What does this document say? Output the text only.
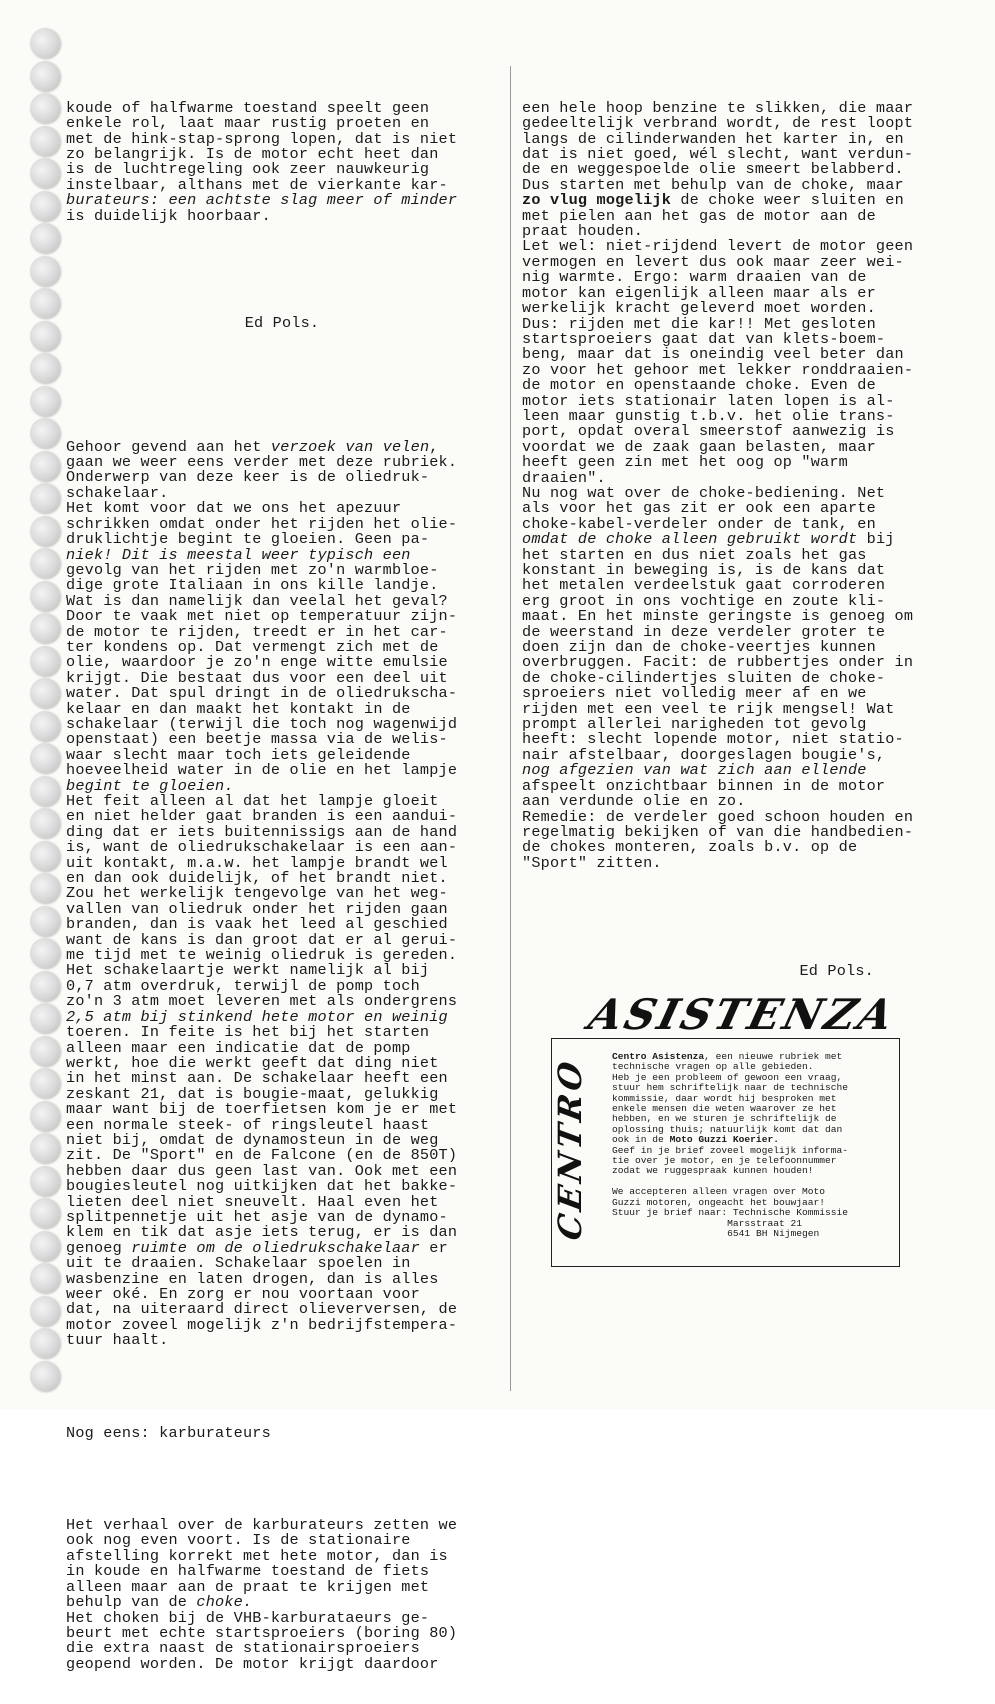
koude of halfwarme toestand speelt geen
enkele rol, laat maar rustig proeten en
met de hink-stap-sprong lopen, dat is niet
zo belangrijk. Is de motor echt heet dan
is de luchtregeling ook zeer nauwkeurig
instelbaar, althans met de vierkante kar-
burateurs: een achtste slag meer of minder
is duidelijk hoorbaar.

Ed Pols.

Gehoor gevend aan het verzoek van velen,
gaan we weer eens verder met deze rubriek.
Onderwerp van deze keer is de oliedruk-
schakelaar.
Het komt voor dat we ons het apezuur
schrikken omdat onder het rijden het olie-
druklichtje begint te gloeien. Geen pa-
niek! Dit is meestal weer typisch een
gevolg van het rijden met zo'n warmbloe-
dige grote Italiaan in ons kille landje.
Wat is dan namelijk dan veelal het geval?
Door te vaak met niet op temperatuur zijn-
de motor te rijden, treedt er in het car-
ter kondens op. Dat vermengt zich met de
olie, waardoor je zo'n enge witte emulsie
krijgt. Die bestaat dus voor een deel uit
water. Dat spul dringt in de oliedrukscha-
kelaar en dan maakt het kontakt in de
schakelaar (terwijl die toch nog wagenwijd
openstaat) een beetje massa via de welis-
waar slecht maar toch iets geleidende
hoeveelheid water in de olie en het lampje
begint te gloeien.
Het feit alleen al dat het lampje gloeit
en niet helder gaat branden is een aandui-
ding dat er iets buitennissigs aan de hand
is, want de oliedrukschakelaar is een aan-
uit kontakt, m.a.w. het lampje brandt wel
en dan ook duidelijk, of het brandt niet.
Zou het werkelijk tengevolge van het weg-
vallen van oliedruk onder het rijden gaan
branden, dan is vaak het leed al geschied
want de kans is dan groot dat er al gerui-
me tijd met te weinig oliedruk is gereden.
Het schakelaartje werkt namelijk al bij
0,7 atm overdruk, terwijl de pomp toch
zo'n 3 atm moet leveren met als ondergrens
2,5 atm bij stinkend hete motor en weinig
toeren. In feite is het bij het starten
alleen maar een indicatie dat de pomp
werkt, hoe die werkt geeft dat ding niet
in het minst aan. De schakelaar heeft een
zeskant 21, dat is bougie-maat, gelukkig
maar want bij de toerfietsen kom je er met
een normale steek- of ringsleutel haast
niet bij, omdat de dynamosteun in de weg
zit. De "Sport" en de Falcone (en de 850T)
hebben daar dus geen last van. Ook met een
bougiesleutel nog uitkijken dat het bakke-
lieten deel niet sneuvelt. Haal even het
splitpennetje uit het asje van de dynamo-
klem en tik dat asje iets terug, er is dan
genoeg ruimte om de oliedrukschakelaar er
uit te draaien. Schakelaar spoelen in
wasbenzine en laten drogen, dan is alles
weer oké. En zorg er nou voortaan voor
dat, na uiteraard direct olieverversen, de
motor zoveel mogelijk z'n bedrijfstempera-
tuur haalt.

Nog eens: karburateurs

Het verhaal over de karburateurs zetten we
ook nog even voort. Is de stationaire
afstelling korrekt met hete motor, dan is
in koude en halfwarme toestand de fiets
alleen maar aan de praat te krijgen met
behulp van de choke.
Het choken bij de VHB-karburataeurs ge-
beurt met echte startsproeiers (boring 80)
die extra naast de stationairsproeiers
geopend worden. De motor krijgt daardoor

een hele hoop benzine te slikken, die maar
gedeeltelijk verbrand wordt, de rest loopt
langs de cilinderwanden het karter in, en
dat is niet goed, wél slecht, want verdun-
de en weggespoelde olie smeert belabberd.
Dus starten met behulp van de choke, maar
zo vlug mogelijk de choke weer sluiten en
met pielen aan het gas de motor aan de
praat houden.
Let wel: niet-rijdend levert de motor geen
vermogen en levert dus ook maar zeer wei-
nig warmte. Ergo: warm draaien van de
motor kan eigenlijk alleen maar als er
werkelijk kracht geleverd moet worden.
Dus: rijden met die kar!! Met gesloten
startsproeiers gaat dat van klets-boem-
beng, maar dat is oneindig veel beter dan
zo voor het gehoor met lekker ronddraaien-
de motor en openstaande choke. Even de
motor iets stationair laten lopen is al-
leen maar gunstig t.b.v. het olie trans-
port, opdat overal smeerstof aanwezig is
voordat we de zaak gaan belasten, maar
heeft geen zin met het oog op "warm
draaien".
Nu nog wat over de choke-bediening. Net
als voor het gas zit er ook een aparte
choke-kabel-verdeler onder de tank, en
omdat de choke alleen gebruikt wordt bij
het starten en dus niet zoals het gas
konstant in beweging is, is de kans dat
het metalen verdeelstuk gaat corroderen
erg groot in ons vochtige en zoute kli-
maat. En het minste geringste is genoeg om
de weerstand in deze verdeler groter te
doen zijn dan de choke-veertjes kunnen
overbruggen. Facit: de rubbertjes onder in
de choke-cilindertjes sluiten de choke-
sproeiers niet volledig meer af en we
rijden met een veel te rijk mengsel! Wat
prompt allerlei narigheden tot gevolg
heeft: slecht lopende motor, niet statio-
nair afstelbaar, doorgeslagen bougie's,
nog afgezien van wat zich aan ellende
afspeelt onzichtbaar binnen in de motor
aan verdunde olie en zo.
Remedie: de verdeler goed schoon houden en
regelmatig bekijken of van die handbedien-
de chokes monteren, zoals b.v. op de
"Sport" zitten.

Ed Pols.

ASISTENZA
CENTRO Centro Asistenza, een nieuwe rubriek met
technische vragen op alle gebieden.
Heb je een probleem of gewoon een vraag,
stuur hem schriftelijk naar de technische
kommissie, daar wordt hij besproken met
enkele mensen die weten waarover ze het
hebben, en we sturen je schriftelijk de
oplossing thuis; natuurlijk komt dat dan
ook in de Moto Guzzi Koerier.
Geef in je brief zoveel mogelijk informa-
tie over je motor, en je telefoonnummer
zodat we ruggespraak kunnen houden!

We accepteren alleen vragen over Moto
Guzzi motoren, ongeacht het bouwjaar!
Stuur je brief naar: Technische Kommissie
Marsstraat 21
6541 BH Nijmegen
